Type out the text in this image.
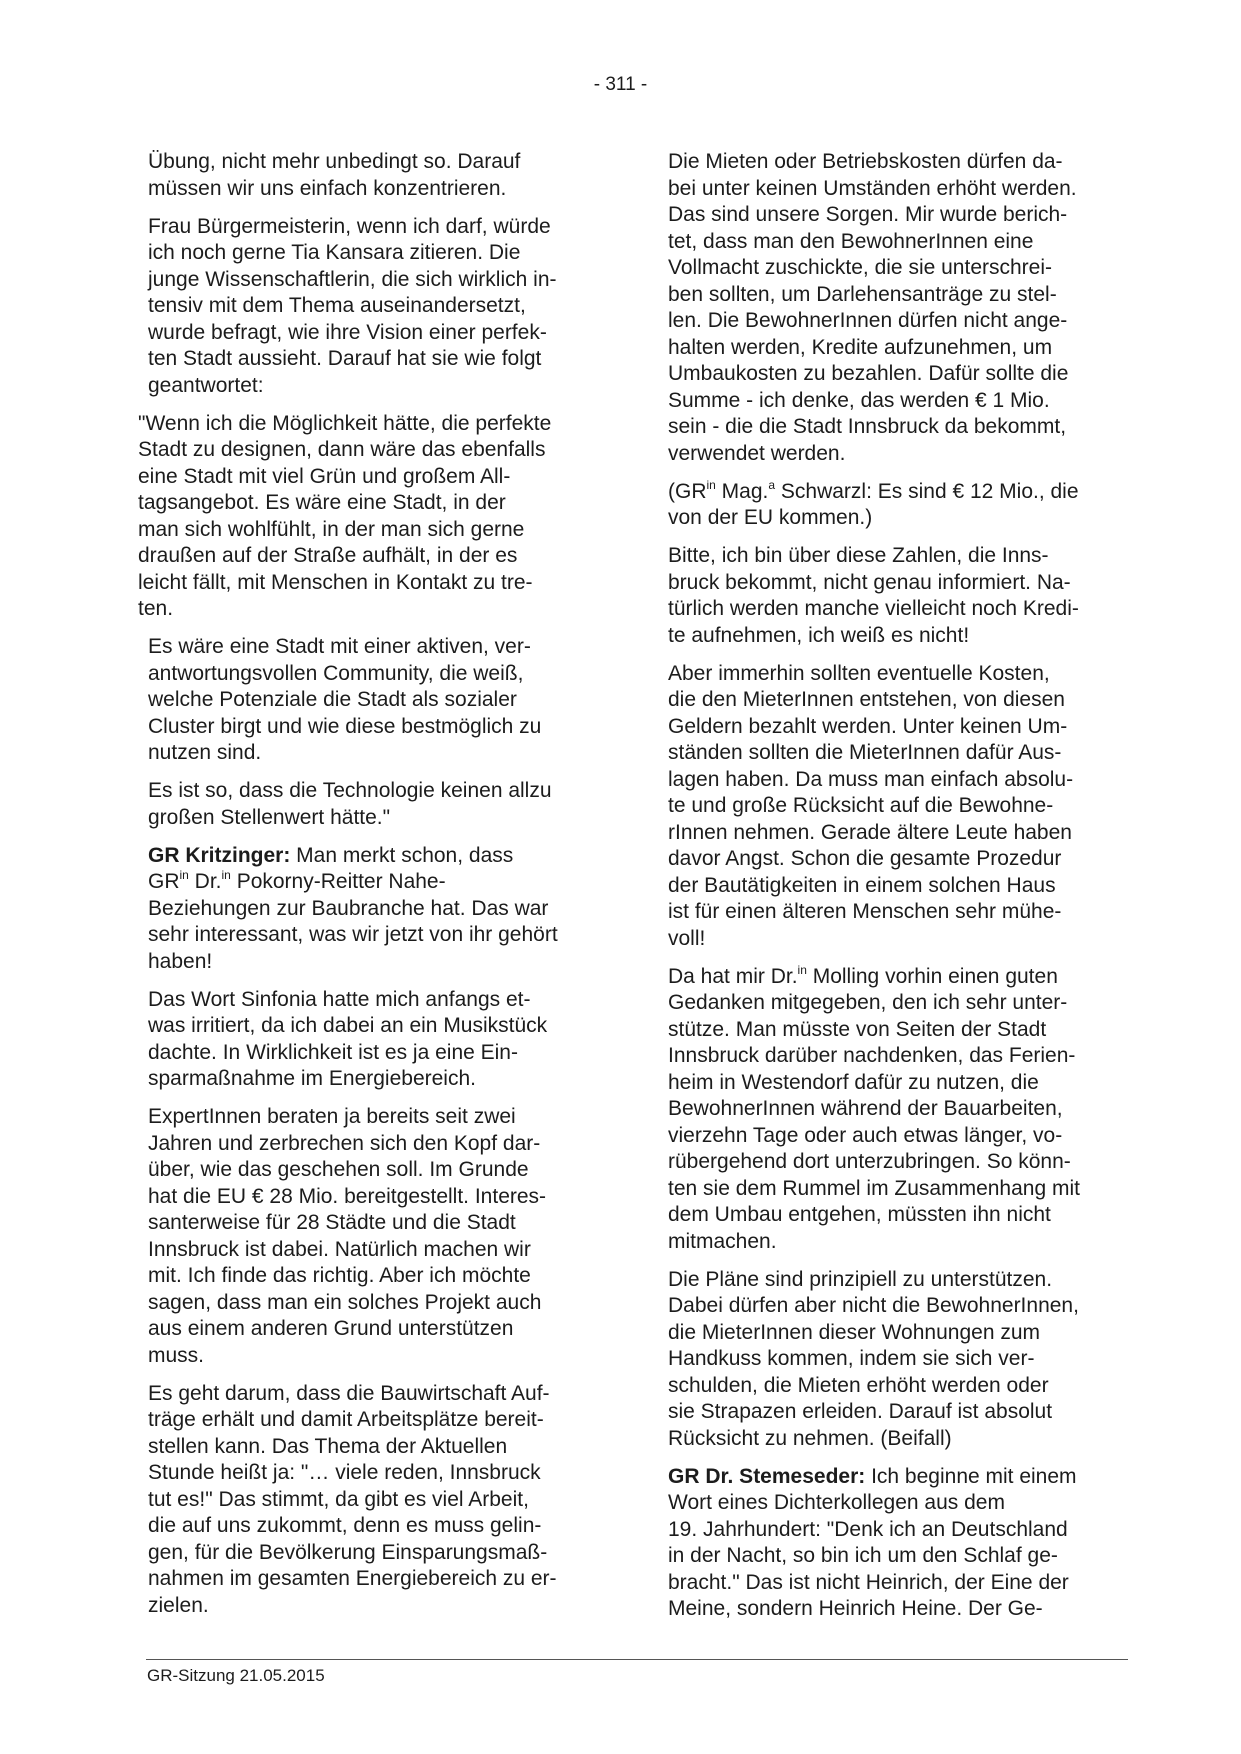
- 311 -

Übung, nicht mehr unbedingt so. Darauf
müssen wir uns einfach konzentrieren.

Frau Bürgermeisterin, wenn ich darf, würde
ich noch gerne Tia Kansara zitieren. Die
junge Wissenschaftlerin, die sich wirklich in-
tensiv mit dem Thema auseinandersetzt,
wurde befragt, wie ihre Vision einer perfek-
ten Stadt aussieht. Darauf hat sie wie folgt
geantwortet:

"Wenn ich die Möglichkeit hätte, die perfekte
Stadt zu designen, dann wäre das ebenfalls
eine Stadt mit viel Grün und großem All-
tagsangebot. Es wäre eine Stadt, in der
man sich wohlfühlt, in der man sich gerne
draußen auf der Straße aufhält, in der es
leicht fällt, mit Menschen in Kontakt zu tre-
ten.

Es wäre eine Stadt mit einer aktiven, ver-
antwortungsvollen Community, die weiß,
welche Potenziale die Stadt als sozialer
Cluster birgt und wie diese bestmöglich zu
nutzen sind.

Es ist so, dass die Technologie keinen allzu
großen Stellenwert hätte."

GR Kritzinger: Man merkt schon, dass
$GR^{in}$ Dr.$^{in}$ Pokorny-Reitter Nahe-
Beziehungen zur Baubranche hat. Das war
sehr interessant, was wir jetzt von ihr gehört
haben!

Das Wort Sinfonia hatte mich anfangs et-
was irritiert, da ich dabei an ein Musikstück
dachte. In Wirklichkeit ist es ja eine Ein-
sparmaßnahme im Energiebereich.

ExpertInnen beraten ja bereits seit zwei
Jahren und zerbrechen sich den Kopf dar-
über, wie das geschehen soll. Im Grunde
hat die EU € 28 Mio. bereitgestellt. Interes-
santerweise für 28 Städte und die Stadt
Innsbruck ist dabei. Natürlich machen wir
mit. Ich finde das richtig. Aber ich möchte
sagen, dass man ein solches Projekt auch
aus einem anderen Grund unterstützen
muss.

Es geht darum, dass die Bauwirtschaft Auf-
träge erhält und damit Arbeitsplätze bereit-
stellen kann. Das Thema der Aktuellen
Stunde heißt ja: "… viele reden, Innsbruck
tut es!" Das stimmt, da gibt es viel Arbeit,
die auf uns zukommt, denn es muss gelin-
gen, für die Bevölkerung Einsparungsmaß-
nahmen im gesamten Energiebereich zu er-
zielen.

Die Mieten oder Betriebskosten dürfen da-
bei unter keinen Umständen erhöht werden.
Das sind unsere Sorgen. Mir wurde berich-
tet, dass man den BewohnerInnen eine
Vollmacht zuschickte, die sie unterschrei-
ben sollten, um Darlehensanträge zu stel-
len. Die BewohnerInnen dürfen nicht ange-
halten werden, Kredite aufzunehmen, um
Umbaukosten zu bezahlen. Dafür sollte die
Summe - ich denke, das werden € 1 Mio.
sein - die die Stadt Innsbruck da bekommt,
verwendet werden.

($GR^{in}$ Mag.$^a$ Schwarzl: Es sind € 12 Mio., die
von der EU kommen.)

Bitte, ich bin über diese Zahlen, die Inns-
bruck bekommt, nicht genau informiert. Na-
türlich werden manche vielleicht noch Kredi-
te aufnehmen, ich weiß es nicht!

Aber immerhin sollten eventuelle Kosten,
die den MieterInnen entstehen, von diesen
Geldern bezahlt werden. Unter keinen Um-
ständen sollten die MieterInnen dafür Aus-
lagen haben. Da muss man einfach absolu-
te und große Rücksicht auf die Bewohne-
rInnen nehmen. Gerade ältere Leute haben
davor Angst. Schon die gesamte Prozedur
der Bautätigkeiten in einem solchen Haus
ist für einen älteren Menschen sehr mühe-
voll!

Da hat mir Dr.$^{in}$ Molling vorhin einen guten
Gedanken mitgegeben, den ich sehr unter-
stütze. Man müsste von Seiten der Stadt
Innsbruck darüber nachdenken, das Ferien-
heim in Westendorf dafür zu nutzen, die
BewohnerInnen während der Bauarbeiten,
vierzehn Tage oder auch etwas länger, vo-
rübergehend dort unterzubringen. So könn-
ten sie dem Rummel im Zusammenhang mit
dem Umbau entgehen, müssten ihn nicht
mitmachen.

Die Pläne sind prinzipiell zu unterstützen.
Dabei dürfen aber nicht die BewohnerInnen,
die MieterInnen dieser Wohnungen zum
Handkuss kommen, indem sie sich ver-
schulden, die Mieten erhöht werden oder
sie Strapazen erleiden. Darauf ist absolut
Rücksicht zu nehmen. (Beifall)

GR Dr. Stemeseder: Ich beginne mit einem
Wort eines Dichterkollegen aus dem
19. Jahrhundert: "Denk ich an Deutschland
in der Nacht, so bin ich um den Schlaf ge-
bracht." Das ist nicht Heinrich, der Eine der
Meine, sondern Heinrich Heine. Der Ge-

GR-Sitzung 21.05.2015
